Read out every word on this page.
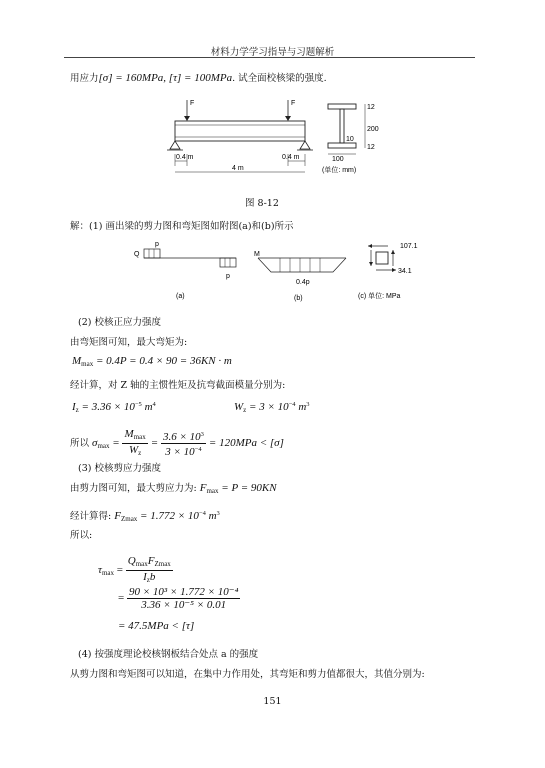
材料力学学习指导与习题解析
用应力[σ] = 160MPa, [τ] = 100MPa. 试全面校核梁的强度.
F	F
0.4 m	0.4 m
4 m
12
200
12
10
100
(单位: mm)
图 8-12
解：(1) 画出梁的剪力图和弯矩图如附图(a)和(b)所示
Q
p
p
(a)
M
0.4p
(b)
107.1
34.1
(c) 单位: MPa
(2) 校核正应力强度
由弯矩图可知，最大弯矩为:
$M_{max} = 0.4P = 0.4 \times 90 = 36KN \cdot m$
经计算，对 Z 轴的主惯性矩及抗弯截面模量分别为:
$I_z = 3.36 \times 10^{-5}$ $m^4$	$W_z = 3 \times 10^{-4}$ $m^3$
所以 $\sigma_{max} = \frac{M_{max}}{W_z} = \frac{3.6 \times 10^3}{3 \times 10^{-4}} = 120MPa < [\sigma]$
(3) 校核剪应力强度
由剪力图可知，最大剪应力为: $F_{max} = P = 90KN$
经计算得: $F_{Zmax} = 1.772 \times 10^{-4}$ $m^3$
所以:
$\tau_{max} = \frac{Q_{max}F_{Zmax}}{I_zb}$
= $\frac{\text{90 × 10³ × 1.772 × 10⁻⁴}}{\text{3.36 × 10⁻⁵ × 0.01}}$
= 47.5MPa < [τ]
(4) 按强度理论校核钢板结合处点 a 的强度
从剪力图和弯矩图可以知道，在集中力作用处，其弯矩和剪力值都很大，其值分别为:
151
